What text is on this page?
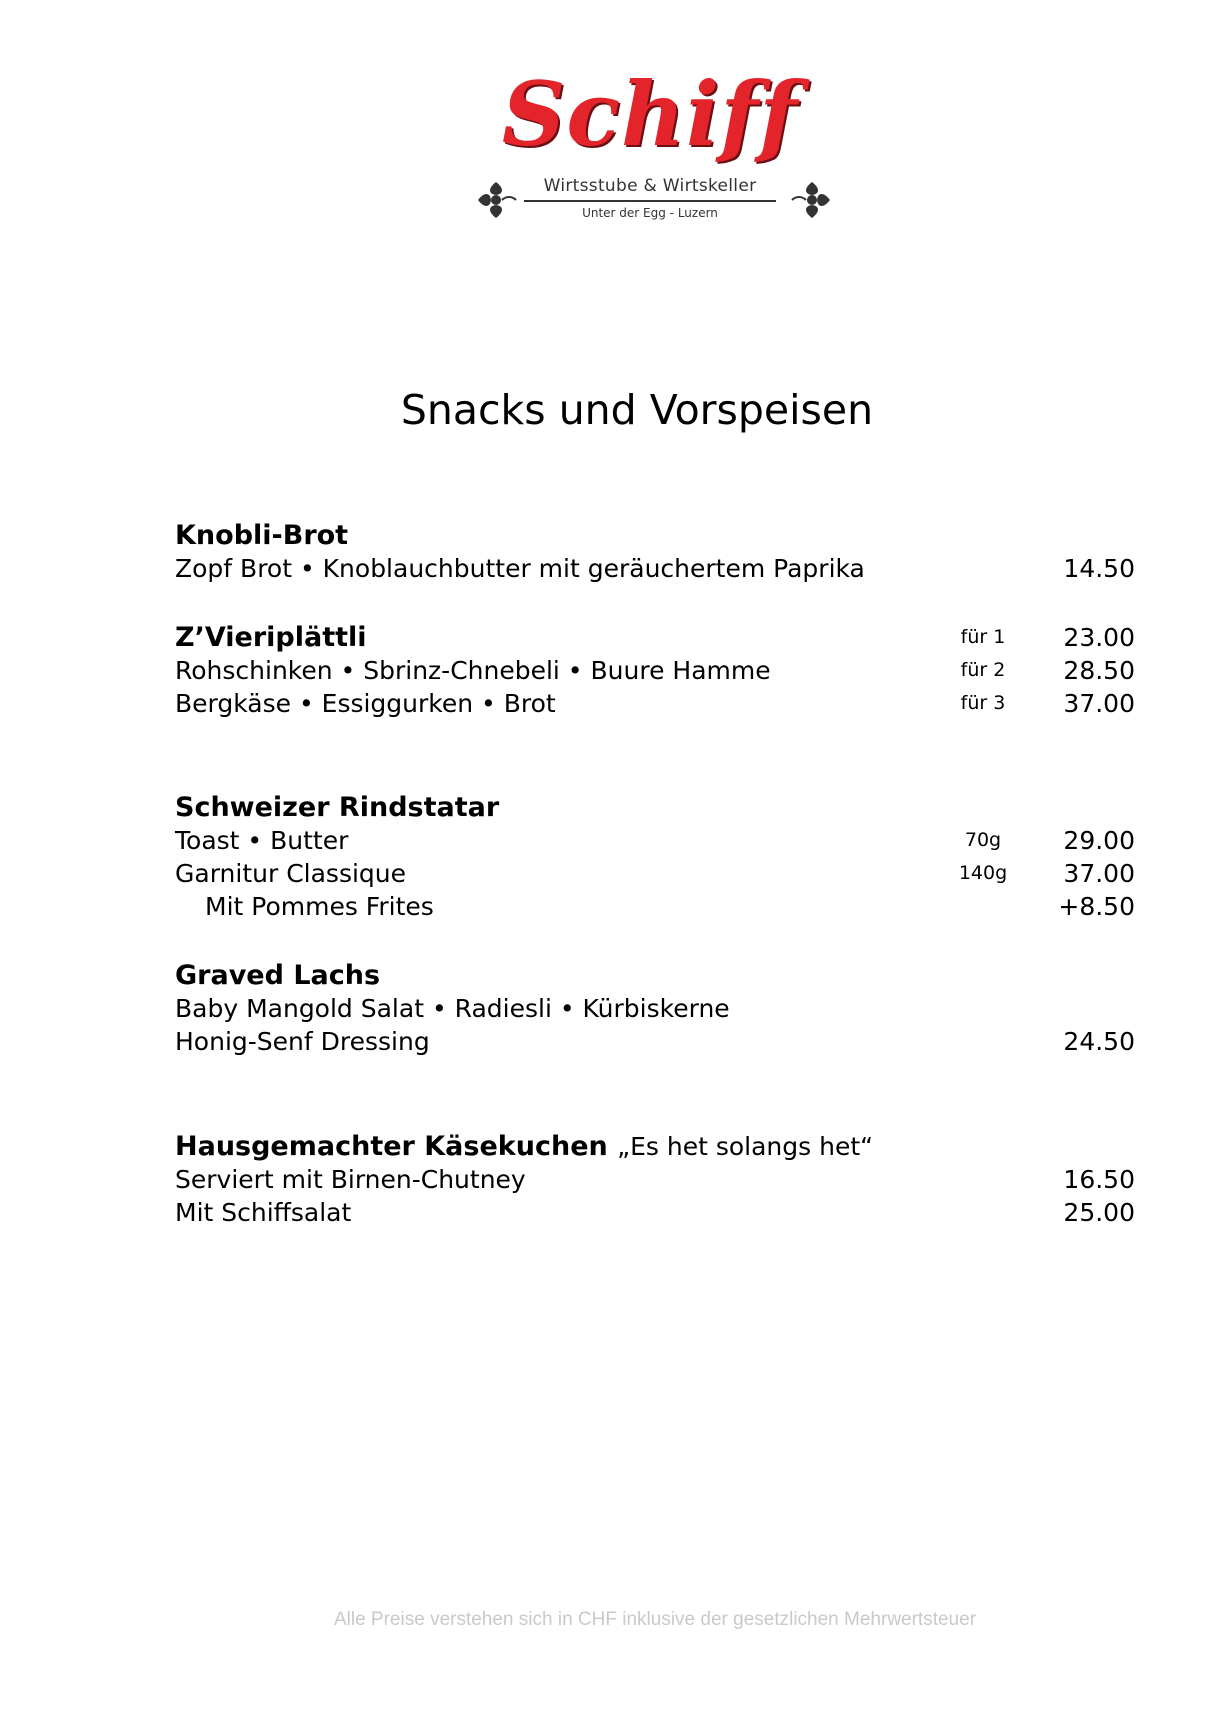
Schiff
Wirtsstube & Wirtskeller
Unter der Egg - Luzern
Snacks und Vorspeisen
Knobli-Brot
Zopf Brot • Knoblauchbutter mit geräuchertem Paprika	14.50
Z’Vieriplättli	für 1	23.00
Rohschinken • Sbrinz-Chnebeli • Buure Hamme	für 2	28.50
Bergkäse • Essiggurken • Brot	für 3	37.00
Schweizer Rindstatar
Toast • Butter	70g	29.00
Garnitur Classique	140g	37.00
Mit Pommes Frites	+8.50
Graved Lachs
Baby Mangold Salat • Radiesli • Kürbiskerne
Honig-Senf Dressing	24.50
Hausgemachter Käsekuchen „Es het solangs het“
Serviert mit Birnen-Chutney	16.50
Mit Schiffsalat	25.00
Alle Preise verstehen sich in CHF inklusive der gesetzlichen Mehrwertsteuer
